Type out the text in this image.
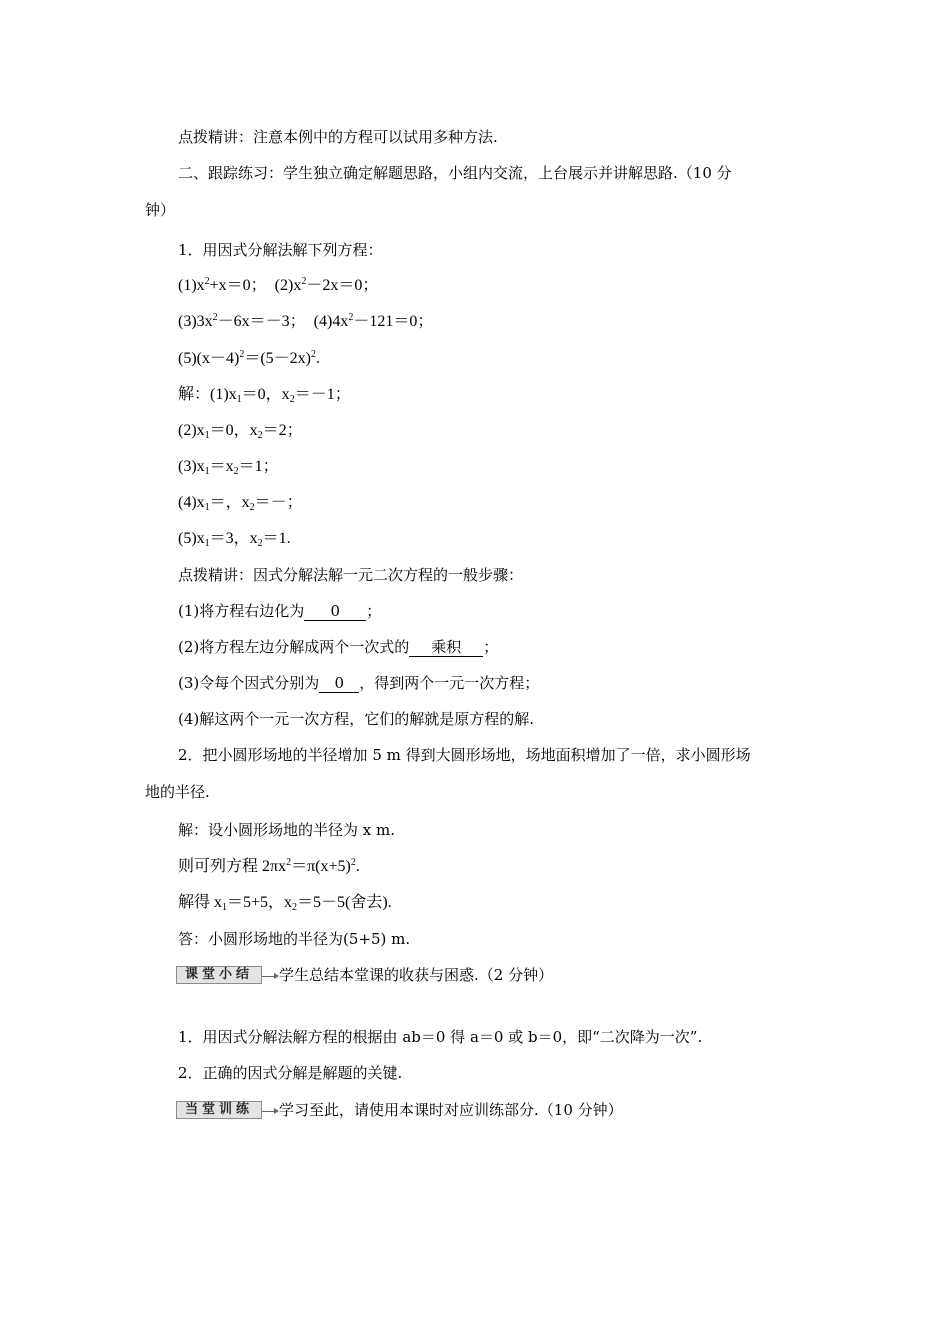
点拨精讲：注意本例中的方程可以试用多种方法.
二、跟踪练习：学生独立确定解题思路，小组内交流，上台展示并讲解思路.（10 分
钟）
1．用因式分解法解下列方程：
$(1)x^2+x=0$；　$(2)x^2-2x=0$；
$(3)3x^2-6x=-3$；　$(4)4x^2-121=0$；
$(5)(x-4)^2=(5-2x)^2$.
解：$(1)x_1=0$，$x_2=-1$；
$(2)x_1=0$，$x_2=2$；
$(3)x_1=x_2=1$；
$(4)x_1=$，$x_2=-$；
$(5)x_1=3$，$x_2=1$.
点拨精讲：因式分解法解一元二次方程的一般步骤：
(1)将方程右边化为 0 ；
(2)将方程左边分解成两个一次式的 乘积 ；
(3)令每个因式分别为 0 ，得到两个一元一次方程；
(4)解这两个一元一次方程，它们的解就是原方程的解.
2．把小圆形场地的半径增加 5 m 得到大圆形场地，场地面积增加了一倍，求小圆形场
地的半径.
解：设小圆形场地的半径为 x m.
则可列方程 $2\pi x^2=\pi(x+5)^2$.
解得 $x_1=5+5$，$x_2=5-5$(舍去).
答：小圆形场地的半径为(5+5) m.
课堂小结	学生总结本堂课的收获与困惑.（2 分钟）
1．用因式分解法解方程的根据由 ab＝0 得 a＝0 或 b＝0，即“二次降为一次”.
2．正确的因式分解是解题的关键.
当堂训练	学习至此，请使用本课时对应训练部分.（10 分钟）
